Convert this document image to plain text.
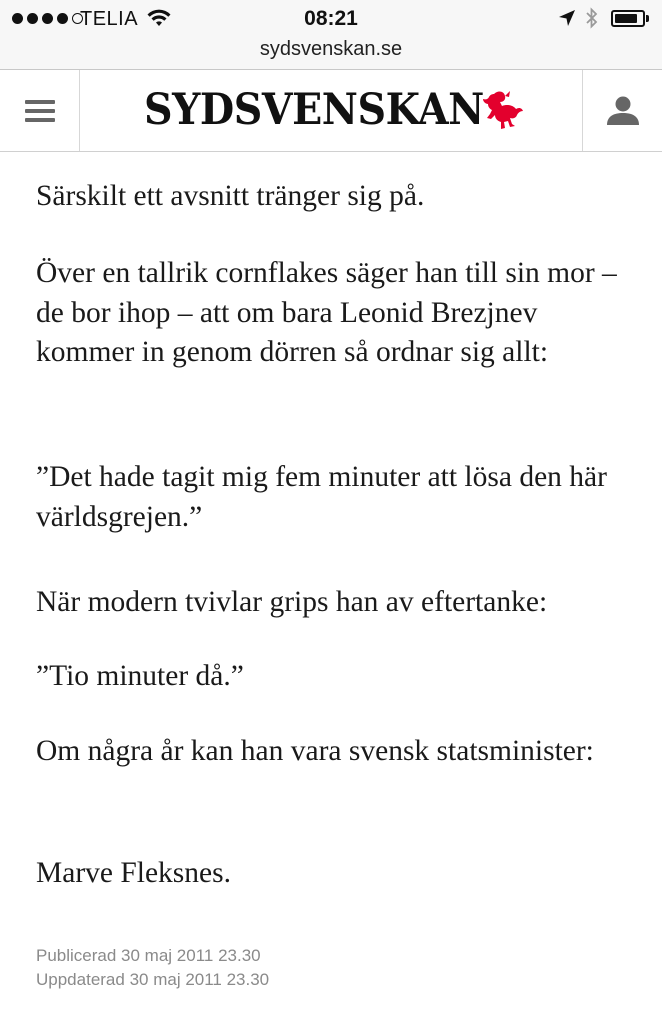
TELIA	08:21
sydsvenskan.se
SYDSVENSKAN

Särskilt ett avsnitt tränger sig på.

Över en tallrik cornflakes säger han till sin mor – de bor ihop – att om bara Leonid Brezjnev kommer in genom dörren så ordnar sig allt:

”Det hade tagit mig fem minuter att lösa den här världsgrejen.”

När modern tvivlar grips han av eftertanke:

”Tio minuter då.”

Om några år kan han vara svensk statsminister:

Marve Fleksnes.

Publicerad 30 maj 2011 23.30
Uppdaterad 30 maj 2011 23.30
